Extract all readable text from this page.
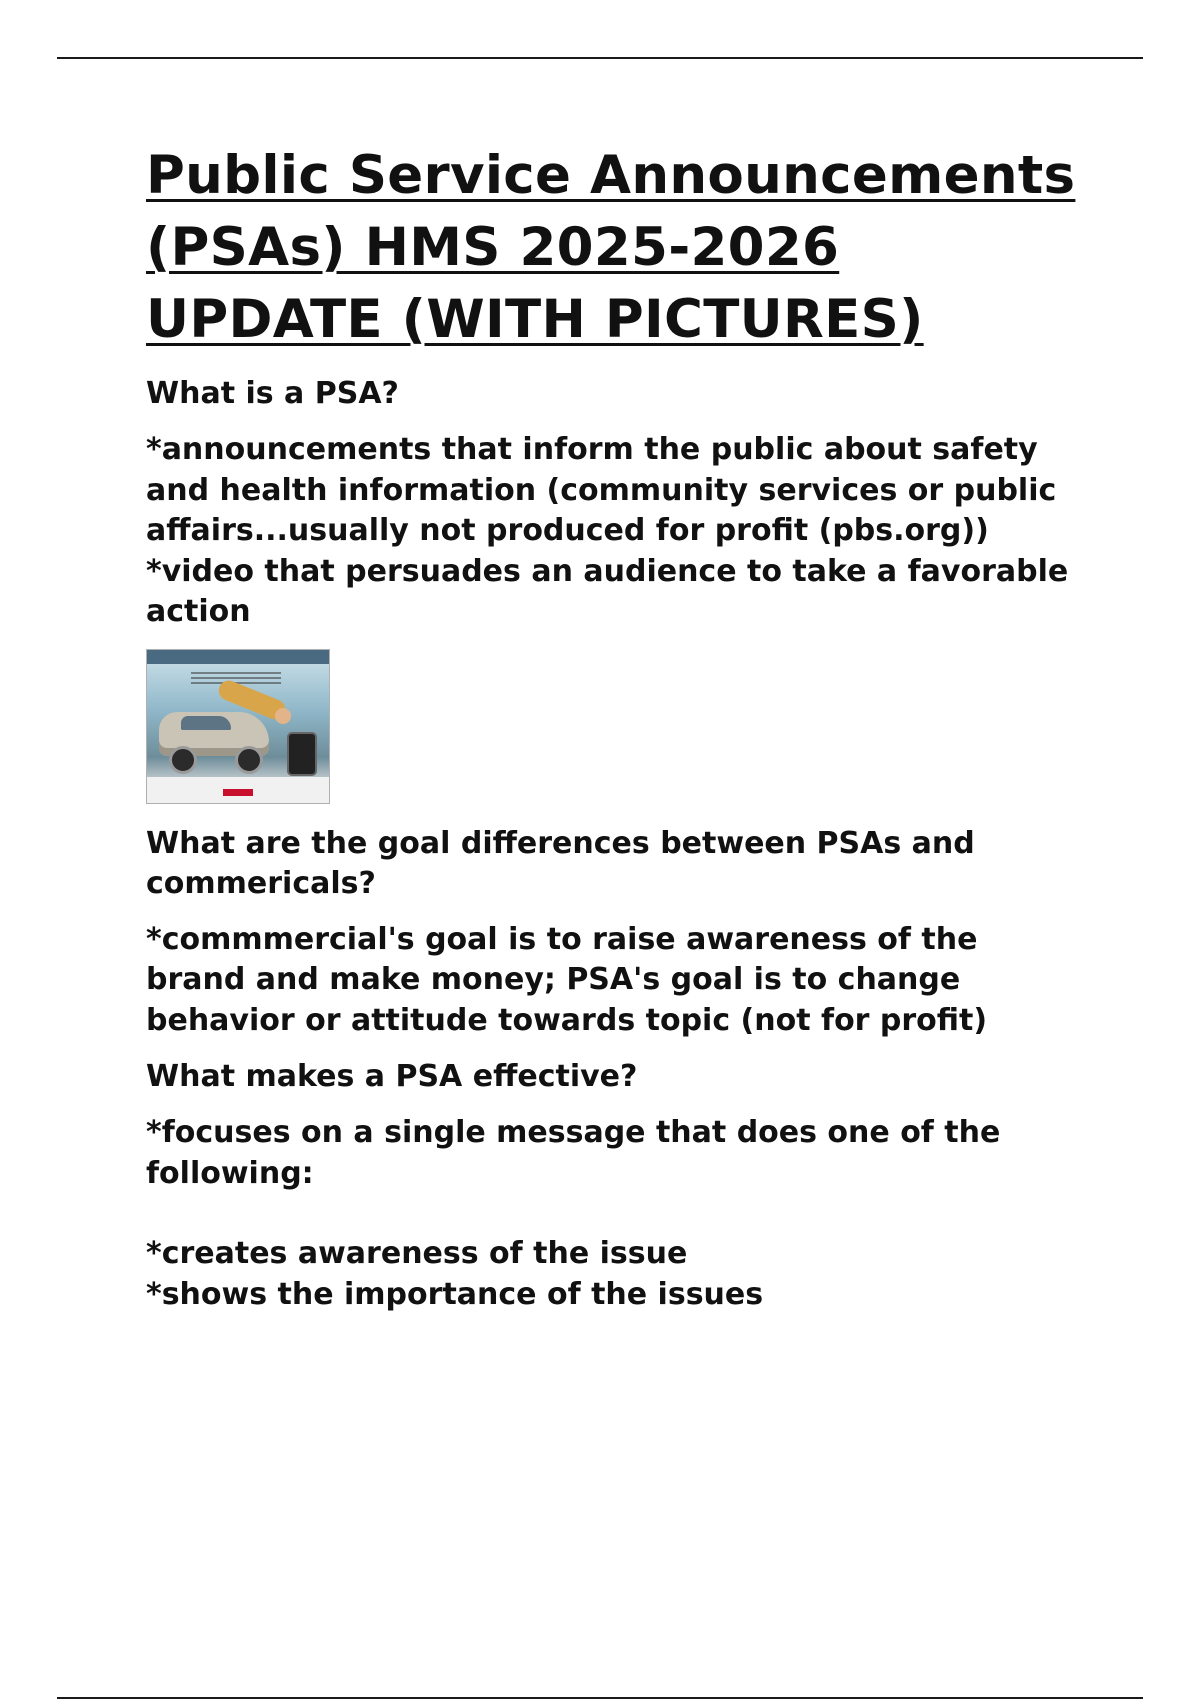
Public Service Announcements (PSAs) HMS 2025-2026 UPDATE (WITH PICTURES)

What is a PSA?

*announcements that inform the public about safety and health information (community services or public affairs...usually not produced for profit (pbs.org))
*video that persuades an audience to take a favorable action

What are the goal differences between PSAs and commericals?

*commmercial's goal is to raise awareness of the brand and make money; PSA's goal is to change behavior or attitude towards topic (not for profit)

What makes a PSA effective?

*focuses on a single message that does one of the following:
*creates awareness of the issue
*shows the importance of the issues
